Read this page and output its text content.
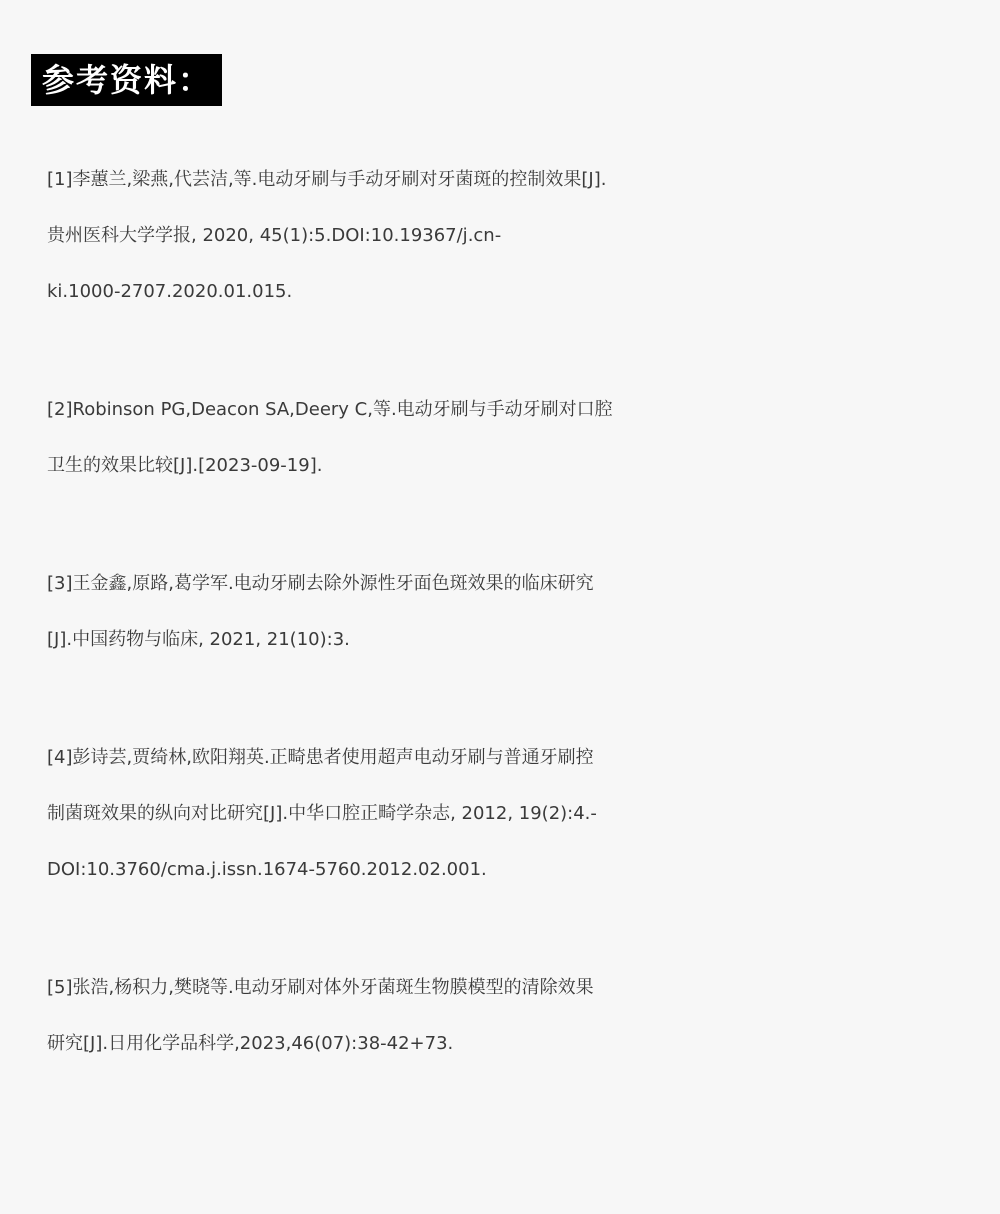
参考资料：
[1]李蕙兰,梁燕,代芸洁,等.电动牙刷与手动牙刷对牙菌斑的控制效果[J].
贵州医科大学学报, 2020, 45(1):5.DOI:10.19367/j.cn-
ki.1000-2707.2020.01.015.
[2]Robinson PG,Deacon SA,Deery C,等.电动牙刷与手动牙刷对口腔
卫生的效果比较[J].[2023-09-19].
[3]王金鑫,原路,葛学军.电动牙刷去除外源性牙面色斑效果的临床研究
[J].中国药物与临床, 2021, 21(10):3.
[4]彭诗芸,贾绮林,欧阳翔英.正畸患者使用超声电动牙刷与普通牙刷控
制菌斑效果的纵向对比研究[J].中华口腔正畸学杂志, 2012, 19(2):4.-
DOI:10.3760/cma.j.issn.1674-5760.2012.02.001.
[5]张浩,杨积力,樊晓等.电动牙刷对体外牙菌斑生物膜模型的清除效果
研究[J].日用化学品科学,2023,46(07):38-42+73.
